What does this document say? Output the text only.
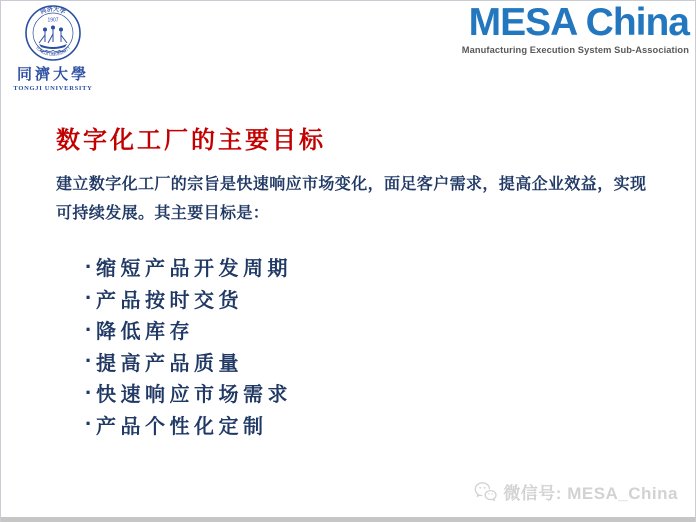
同济大学
1907
TONGJI UNIVERSITY
同濟大學
TONGJI UNIVERSITY
MESA China
Manufacturing Execution System Sub-Association
数字化工厂的主要目标
建立数字化工厂的宗旨是快速响应市场变化，面足客户需求，提高企业效益，实现可持续发展。其主要目标是：
· 缩短产品开发周期
· 产品按时交货
· 降低库存
· 提高产品质量
· 快速响应市场需求
· 产品个性化定制
微信号: MESA_China
